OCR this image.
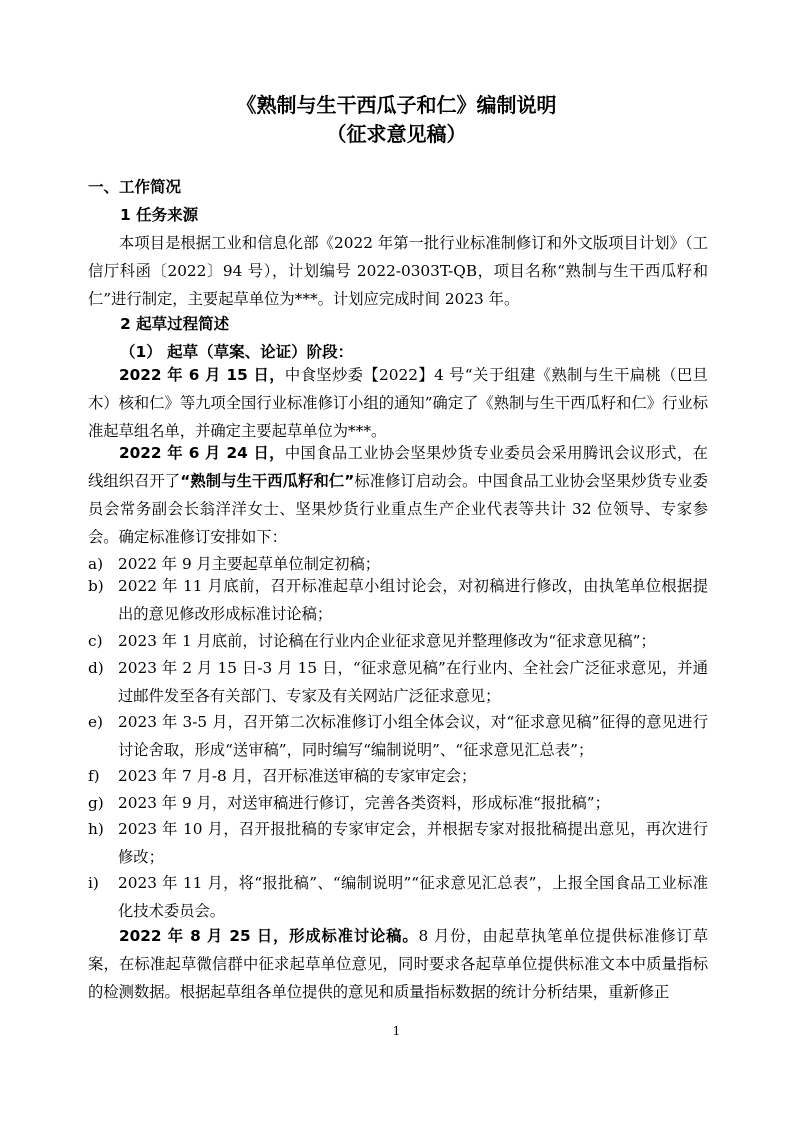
《熟制与生干西瓜子和仁》编制说明
（征求意见稿）
一、工作简况
1 任务来源
本项目是根据工业和信息化部《2022 年第一批行业标准制修订和外文版项目计划》（工信厅科函〔2022〕94 号），计划编号 2022-0303T-QB，项目名称“熟制与生干西瓜籽和仁”进行制定，主要起草单位为***。计划应完成时间 2023 年。
2 起草过程简述
（1） 起草（草案、论证）阶段：
2022 年 6 月 15 日，中食坚炒委【2022】4 号“关于组建《熟制与生干扁桃（巴旦木）核和仁》等九项全国行业标准修订小组的通知”确定了《熟制与生干西瓜籽和仁》行业标准起草组名单，并确定主要起草单位为***。
2022 年 6 月 24 日，中国食品工业协会坚果炒货专业委员会采用腾讯会议形式，在线组织召开了“熟制与生干西瓜籽和仁”标准修订启动会。中国食品工业协会坚果炒货专业委员会常务副会长翁洋洋女士、坚果炒货行业重点生产企业代表等共计 32 位领导、专家参会。确定标准修订安排如下：
a) 2022 年 9 月主要起草单位制定初稿；
b) 2022 年 11 月底前，召开标准起草小组讨论会，对初稿进行修改，由执笔单位根据提出的意见修改形成标准讨论稿；
c) 2023 年 1 月底前，讨论稿在行业内企业征求意见并整理修改为“征求意见稿”；
d) 2023 年 2 月 15 日-3 月 15 日，“征求意见稿”在行业内、全社会广泛征求意见，并通过邮件发至各有关部门、专家及有关网站广泛征求意见；
e) 2023 年 3-5 月，召开第二次标准修订小组全体会议，对“征求意见稿”征得的意见进行讨论舍取，形成“送审稿”，同时编写“编制说明”、“征求意见汇总表”；
f) 2023 年 7 月-8 月，召开标准送审稿的专家审定会；
g) 2023 年 9 月，对送审稿进行修订，完善各类资料，形成标准“报批稿”；
h) 2023 年 10 月，召开报批稿的专家审定会，并根据专家对报批稿提出意见，再次进行修改；
i) 2023 年 11 月，将“报批稿”、“编制说明”“征求意见汇总表”，上报全国食品工业标准化技术委员会。
2022 年 8 月 25 日，形成标准讨论稿。8 月份，由起草执笔单位提供标准修订草案，在标准起草微信群中征求起草单位意见，同时要求各起草单位提供标准文本中质量指标的检测数据。根据起草组各单位提供的意见和质量指标数据的统计分析结果，重新修正
1
